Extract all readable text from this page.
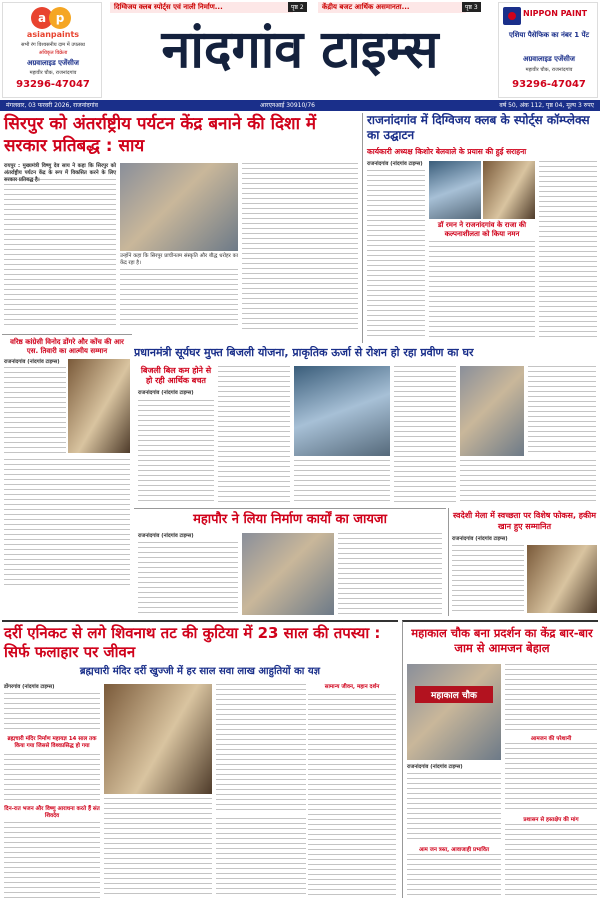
दिग्विजय क्लब स्पोर्ट्स एवं नाली निर्माण...	पृष्ठ 2	केंद्रीय बजट आर्थिक असमानता...	पृष्ठ 3
a p
asianpaints
सभी रंग विश्वसनीय दाम में उपलब्ध
अधिकृत विक्रेता
अग्रवालाइड एजेंसीज
महावीर चौक, राजनांदगांव
93296-47047
नांदगांव टाइम्स
NIPPON PAINT
एशिया पैसेफिक का नंबर 1 पेंट
अग्रवालाइड एजेंसीज
महावीर चौक, राजनांदगांव
93296-47047
मंगलवार, 03 फरवरी 2026, राजनांदगांव	आरएनआई 30910/76	वर्ष 50, अंक 112, पृष्ठ 04, मूल्य 3 रुपए
सिरपुर को अंतर्राष्ट्रीय पर्यटन केंद्र बनाने की दिशा में सरकार प्रतिबद्ध : साय
रायपुर : मुख्यमंत्री विष्णु देव साय ने कहा कि सिरपुर को अंतर्राष्ट्रीय पर्यटन केंद्र के रूप में विकसित करने के लिए सरकार प्रतिबद्ध है।
उन्होंने कहा कि सिरपुर प्राचीनतम संस्कृति और बौद्ध धरोहर का केंद्र रहा है।
राजनांदगांव में दिग्विजय क्लब के स्पोर्ट्स कॉम्प्लेक्स का उद्घाटन
कार्यकारी अध्यक्ष किशोर बेलवाले के प्रयास की हुई सराहना
राजनांदगांव (नांदगांव टाइम्स)
डॉ रमन ने राजनांदगांव के राजा की कल्पनाशीलता को किया नमन
वरिष्ठ कांग्रेसी विनोद डोंगरे और कोंच की आर एस. तिवारी का आत्मीय सम्मान
राजनांदगांव (नांदगांव टाइम्स)
प्रधानमंत्री सूर्यघर मुफ्त बिजली योजना, प्राकृतिक ऊर्जा से रोशन हो रहा प्रवीण का घर
बिजली बिल कम होने से हो रही आर्थिक बचत
राजनांदगांव (नांदगांव टाइम्स)
स्वदेशी मेला में स्वच्छता पर विशेष फोकस, हकीम खान हुए सम्मानित
राजनांदगांव (नांदगांव टाइम्स)
महापौर ने लिया निर्माण कार्यों का जायजा
राजनांदगांव (नांदगांव टाइम्स)
दर्री एनिकट से लगे शिवनाथ तट की कुटिया में 23 साल की तपस्या : सिर्फ फलाहार पर जीवन
ब्रह्मचारी मंदिर दर्री खुज्जी में हर साल सवा लाख आहुतियों का यज्ञ
डोंगरगांव (नांदगांव टाइम्स)
ब्रह्मचारी मंदिर निर्माण महायज्ञ 14 साल तक किया गया जिससे विश्वप्रसिद्ध हो गया
दिन-रात भजन और विष्णु आराधना करते हैं संत शिवदेव
सामान्य जीवन, महान दर्शन
महाकाल चौक बना प्रदर्शन का केंद्र बार-बार जाम से आमजन बेहाल
महाकाल चौक
राजनांदगांव (नांदगांव टाइम्स)
आम जन त्रस्त, आवाजाही प्रभावित
आमजन की परेशानी
प्रशासन से हस्तक्षेप की मांग
